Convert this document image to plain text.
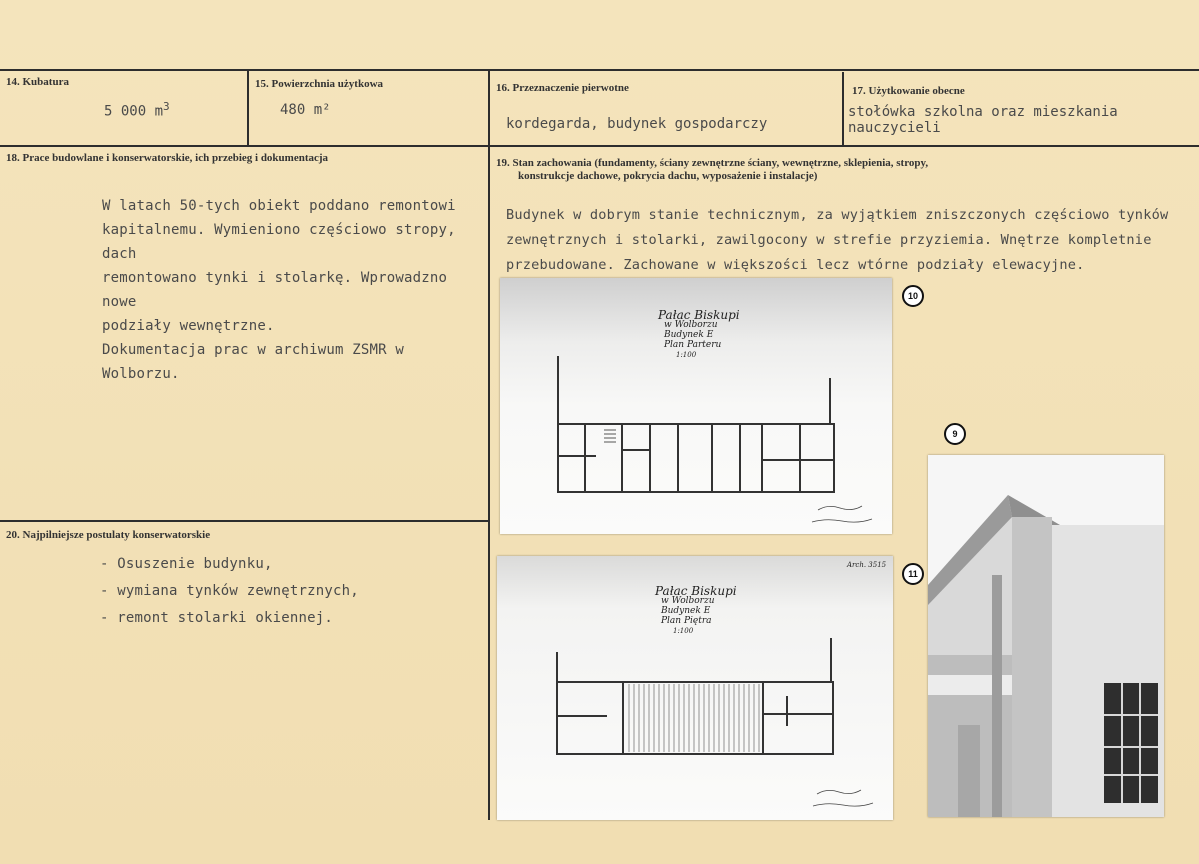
14. Kubatura
5 000 $m^3$
15. Powierzchnia użytkowa
480 m²
16. Przeznaczenie pierwotne
kordegarda, budynek gospodarczy
17. Użytkowanie obecne
stołówka szkolna oraz mieszkania
nauczycieli
18. Prace budowlane i konserwatorskie, ich przebieg i dokumentacja
W latach 50-tych obiekt poddano remontowi
kapitalnemu. Wymieniono częściowo stropy, dach
remontowano tynki i stolarkę. Wprowadzno nowe
podziały wewnętrzne.
Dokumentacja prac w archiwum ZSMR w Wolborzu.
19. Stan zachowania (fundamenty, ściany zewnętrzne ściany, wewnętrzne, sklepienia, stropy,
konstrukcje dachowe, pokrycia dachu, wyposażenie i instalacje)
Budynek w dobrym stanie technicznym, za wyjątkiem zniszczonych częściowo tynków
zewnętrznych i stolarki, zawilgocony w strefie przyziemia. Wnętrze kompletnie
przebudowane. Zachowane w większości lecz wtórne podziały elewacyjne.
20. Najpilniejsze postulaty konserwatorskie
- Osuszenie budynku,
- wymiana tynków zewnętrznych,
- remont stolarki okiennej.
Pałac Biskupi
w Wolborzu
Budynek E
Plan Parteru
1:100
10
Pałac Biskupi
w Wolborzu
Budynek E
Plan Piętra
1:100
Arch. 3515
11
9
